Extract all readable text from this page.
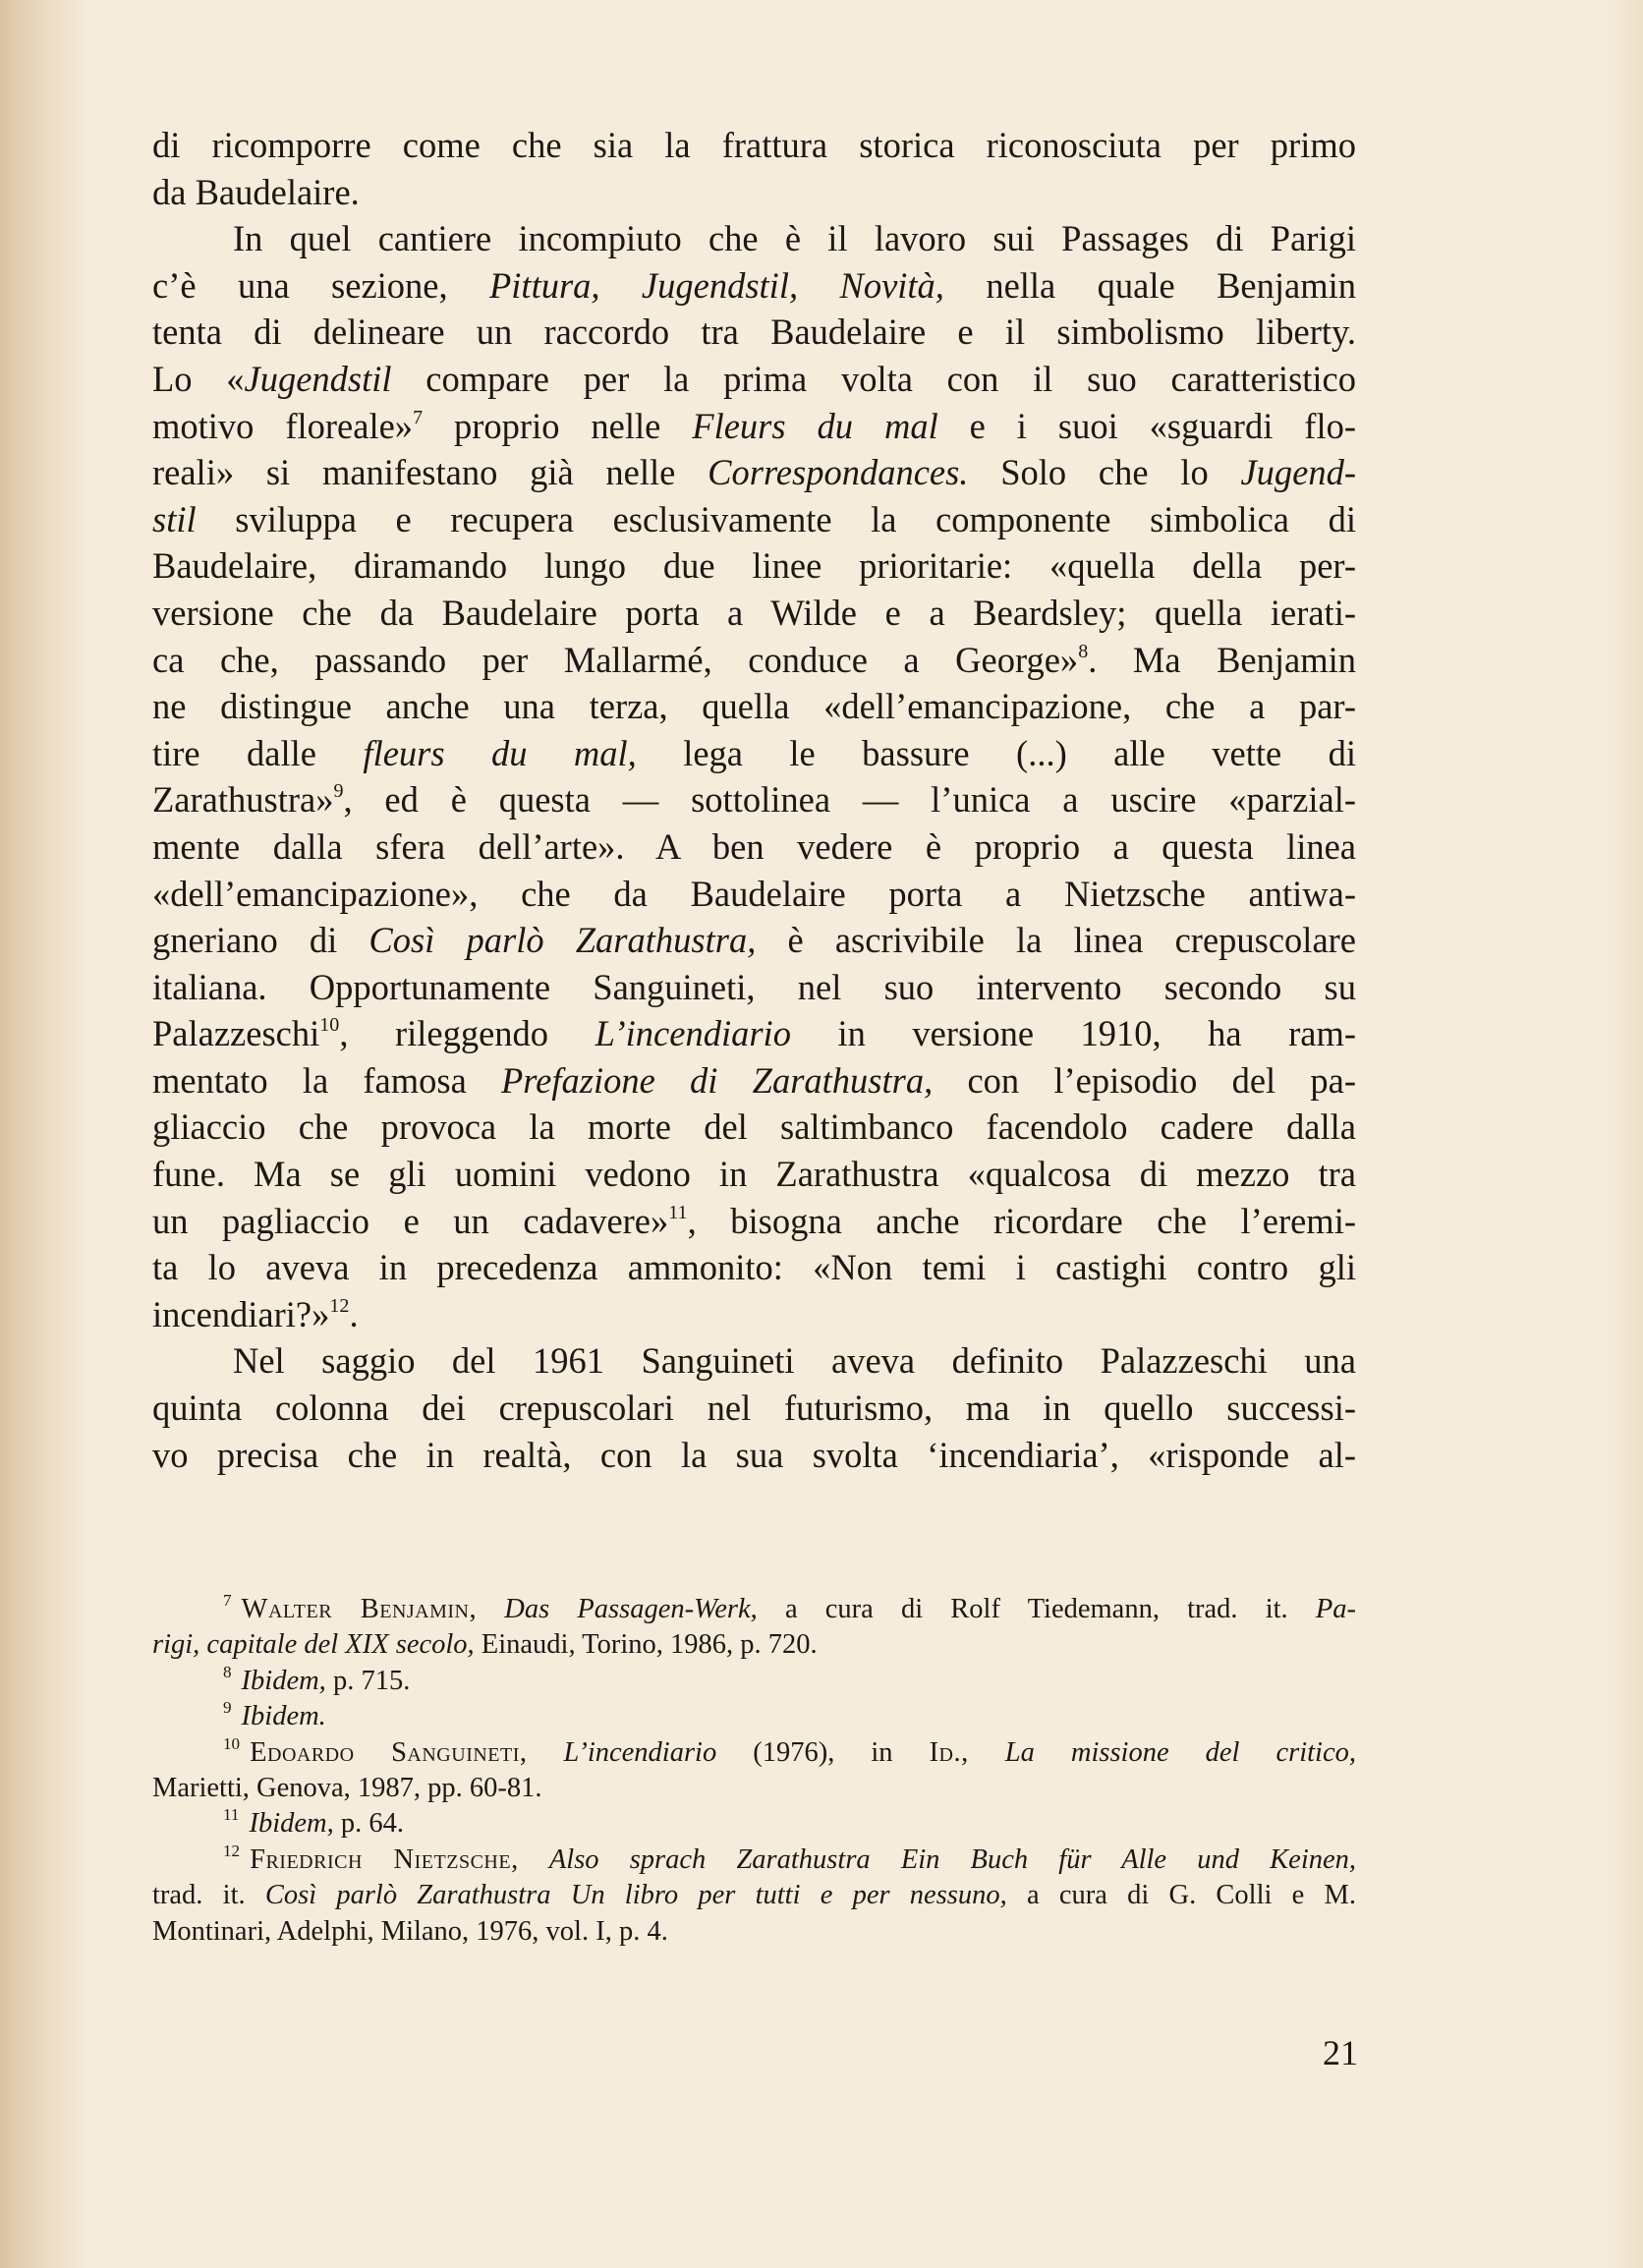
di ricomporre come che sia la frattura storica riconosciuta per primo
da Baudelaire.
In quel cantiere incompiuto che è il lavoro sui Passages di Parigi
c’è una sezione, Pittura, Jugendstil, Novità, nella quale Benjamin
tenta di delineare un raccordo tra Baudelaire e il simbolismo liberty.
Lo «Jugendstil compare per la prima volta con il suo caratteristico
motivo floreale»$^7$ proprio nelle Fleurs du mal e i suoi «sguardi flo-
reali» si manifestano già nelle Correspondances. Solo che lo Jugend-
stil sviluppa e recupera esclusivamente la componente simbolica di
Baudelaire, diramando lungo due linee prioritarie: «quella della per-
versione che da Baudelaire porta a Wilde e a Beardsley; quella ierati-
ca che, passando per Mallarmé, conduce a George»$^8$. Ma Benjamin
ne distingue anche una terza, quella «dell’emancipazione, che a par-
tire dalle fleurs du mal, lega le bassure (...) alle vette di
Zarathustra»$^9$, ed è questa — sottolinea — l’unica a uscire «parzial-
mente dalla sfera dell’arte». A ben vedere è proprio a questa linea
«dell’emancipazione», che da Baudelaire porta a Nietzsche antiwa-
gneriano di Così parlò Zarathustra, è ascrivibile la linea crepuscolare
italiana. Opportunamente Sanguineti, nel suo intervento secondo su
Palazzeschi$^{10}$, rileggendo L’incendiario in versione 1910, ha ram-
mentato la famosa Prefazione di Zarathustra, con l’episodio del pa-
gliaccio che provoca la morte del saltimbanco facendolo cadere dalla
fune. Ma se gli uomini vedono in Zarathustra «qualcosa di mezzo tra
un pagliaccio e un cadavere»$^{11}$, bisogna anche ricordare che l’eremi-
ta lo aveva in precedenza ammonito: «Non temi i castighi contro gli
incendiari?»$^{12}$.
Nel saggio del 1961 Sanguineti aveva definito Palazzeschi una
quinta colonna dei crepuscolari nel futurismo, ma in quello successi-
vo precisa che in realtà, con la sua svolta ‘incendiaria’, «risponde al-
$^7$ Walter Benjamin, Das Passagen-Werk, a cura di Rolf Tiedemann, trad. it. Pa-
rigi, capitale del XIX secolo, Einaudi, Torino, 1986, p. 720.
$^8$ Ibidem, p. 715.
$^9$ Ibidem.
$^{10}$ Edoardo Sanguineti, L’incendiario (1976), in Id., La missione del critico,
Marietti, Genova, 1987, pp. 60-81.
$^{11}$ Ibidem, p. 64.
$^{12}$ Friedrich Nietzsche, Also sprach Zarathustra Ein Buch für Alle und Keinen,
trad. it. Così parlò Zarathustra Un libro per tutti e per nessuno, a cura di G. Colli e M.
Montinari, Adelphi, Milano, 1976, vol. I, p. 4.
21
